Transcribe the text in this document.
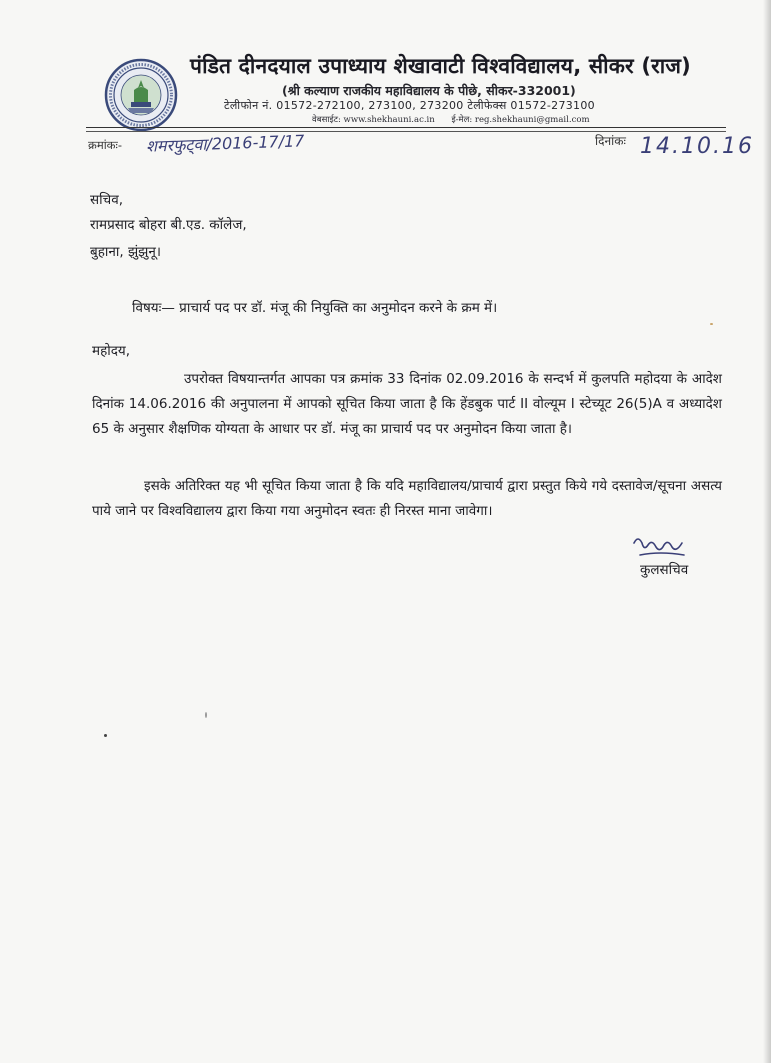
पंडित दीनदयाल उपाध्याय शेखावाटी विश्वविद्यालय, सीकर (राज)
(श्री कल्याण राजकीय महाविद्यालय के पीछे, सीकर-332001)
टेलीफोन नं. 01572-272100, 273100, 273200 टेलीफेक्स 01572-273100
वेबसाईट: www.shekhauni.ac.in ई-मेल: reg.shekhauni@gmail.com
क्रमांकः- शमरफुट्वा/2016-17/17	दिनांकः 14.10.16
सचिव,
रामप्रसाद बोहरा बी.एड. कॉलेज,
बुहाना, झुंझुनू।
विषयः— प्राचार्य पद पर डॉ. मंजू की नियुक्ति का अनुमोदन करने के क्रम में।
महोदय,
उपरोक्त विषयान्तर्गत आपका पत्र क्रमांक 33 दिनांक 02.09.2016 के सन्दर्भ में कुलपति महोदया के आदेश दिनांक 14.06.2016 की अनुपालना में आपको सूचित किया जाता है कि हेंडबुक पार्ट II वोल्यूम I स्टेच्यूट 26(5)A व अध्यादेश 65 के अनुसार शैक्षणिक योग्यता के आधार पर डॉ. मंजू का प्राचार्य पद पर अनुमोदन किया जाता है।
इसके अतिरिक्त यह भी सूचित किया जाता है कि यदि महाविद्यालय/प्राचार्य द्वारा प्रस्तुत किये गये दस्तावेज/सूचना असत्य पाये जाने पर विश्वविद्यालय द्वारा किया गया अनुमोदन स्वतः ही निरस्त माना जावेगा।
कुलसचिव
